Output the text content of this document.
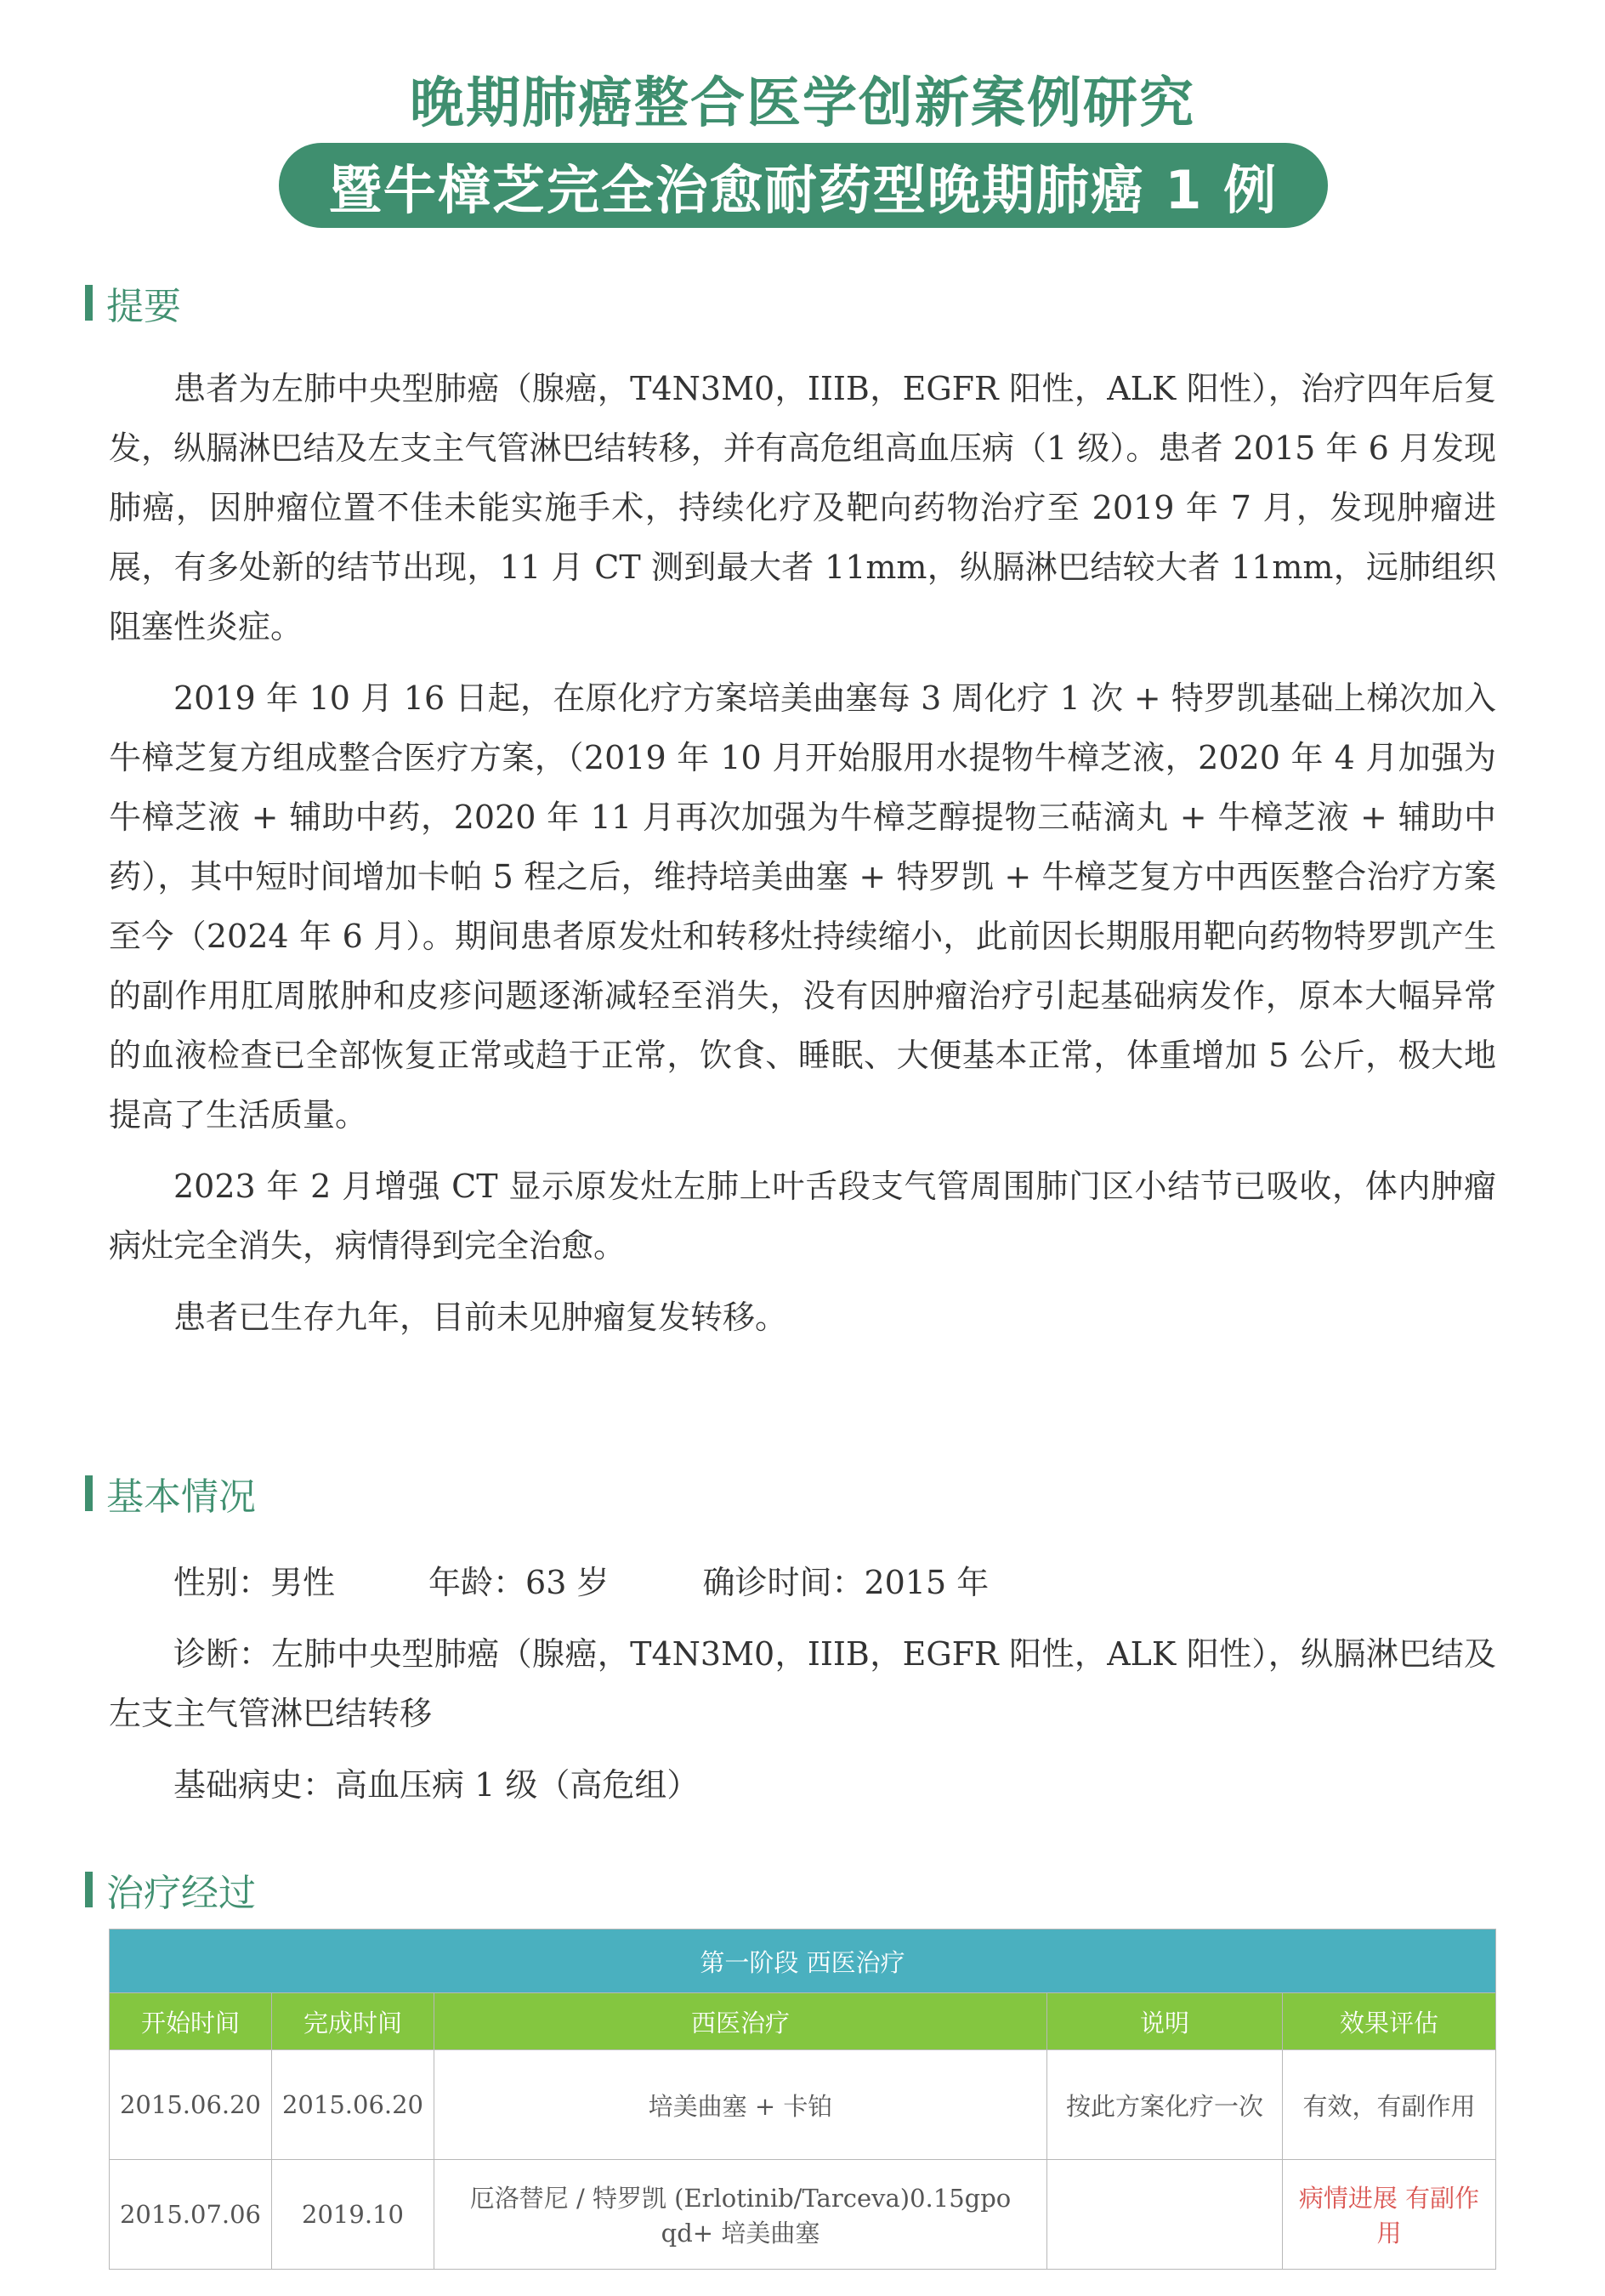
晚期肺癌整合医学创新案例研究
暨牛樟芝完全治愈耐药型晚期肺癌 1 例
提要

患者为左肺中央型肺癌（腺癌，T4N3M0，IIIB，EGFR 阳性，ALK 阳性），治疗四年后复发，纵膈淋巴结及左支主气管淋巴结转移，并有高危组高血压病（1 级）。患者 2015 年 6 月发现肺癌，因肿瘤位置不佳未能实施手术，持续化疗及靶向药物治疗至 2019 年 7 月，发现肿瘤进展，有多处新的结节出现，11 月 CT 测到最大者 11mm，纵膈淋巴结较大者 11mm，远肺组织阻塞性炎症。

2019 年 10 月 16 日起，在原化疗方案培美曲塞每 3 周化疗 1 次 + 特罗凯基础上梯次加入牛樟芝复方组成整合医疗方案，（2019 年 10 月开始服用水提物牛樟芝液，2020 年 4 月加强为牛樟芝液 + 辅助中药，2020 年 11 月再次加强为牛樟芝醇提物三萜滴丸 + 牛樟芝液 + 辅助中药），其中短时间增加卡帕 5 程之后，维持培美曲塞 + 特罗凯 + 牛樟芝复方中西医整合治疗方案至今（2024 年 6 月）。期间患者原发灶和转移灶持续缩小，此前因长期服用靶向药物特罗凯产生的副作用肛周脓肿和皮疹问题逐渐减轻至消失，没有因肿瘤治疗引起基础病发作，原本大幅异常的血液检查已全部恢复正常或趋于正常，饮食、睡眠、大便基本正常，体重增加 5 公斤，极大地提高了生活质量。

2023 年 2 月增强 CT 显示原发灶左肺上叶舌段支气管周围肺门区小结节已吸收，体内肿瘤病灶完全消失，病情得到完全治愈。

患者已生存九年，目前未见肿瘤复发转移。

基本情况
性别：男性	年龄：63 岁	确诊时间：2015 年
诊断：左肺中央型肺癌（腺癌，T4N3M0，IIIB，EGFR 阳性，ALK 阳性），纵膈淋巴结及左支主气管淋巴结转移
基础病史：高血压病 1 级（高危组）
治疗经过
第一阶段 西医治疗				
开始时间	完成时间	西医治疗	说明	效果评估
2015.06.20	2015.06.20	培美曲塞 + 卡铂	按此方案化疗一次	有效，有副作用
2015.07.06	2019.10	厄洛替尼 / 特罗凯 (Erlotinib/Tarceva)0.15gpo qd+ 培美曲塞		病情进展 有副作用
